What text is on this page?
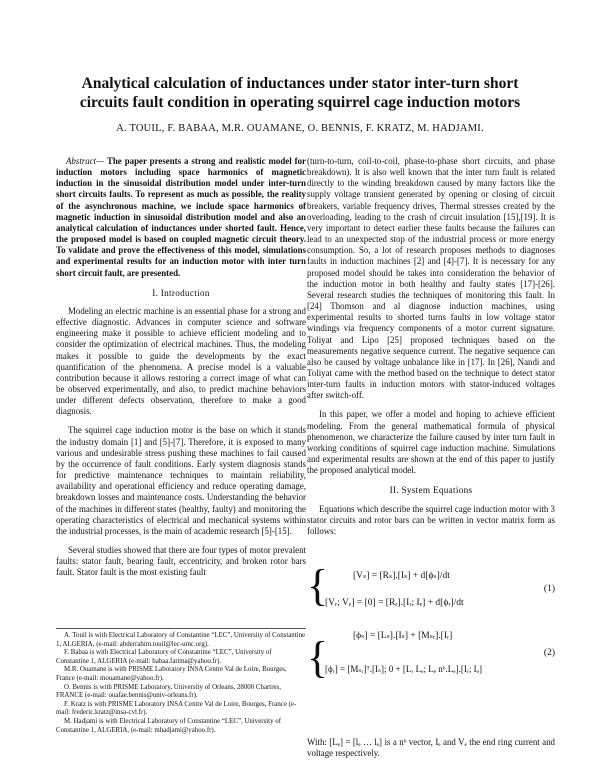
Analytical calculation of inductances under stator inter-turn short
circuits fault condition in operating squirrel cage induction motors
A. TOUIL, F. BABAA, M.R. OUAMANE, O. BENNIS, F. KRATZ, M. HADJAMI.

Abstract— The paper presents a strong and realistic model for induction motors including space harmonics of magnetic induction in the sinusoidal distribution model under inter-turn short circuits faults. To represent as much as possible, the reality of the asynchronous machine, we include space harmonics of magnetic induction in sinusoidal distribution model and also an analytical calculation of inductances under shorted fault. Hence, the proposed model is based on coupled magnetic circuit theory. To validate and prove the effectiveness of this model, simulations and experimental results for an induction motor with inter turn short circuit fault, are presented.

I. Introduction

Modeling an electric machine is an essential phase for a strong and effective diagnostic. Advances in computer science and software engineering make it possible to achieve efficient modeling and to consider the optimization of electrical machines. Thus, the modeling makes it possible to guide the developments by the exact quantification of the phenomena. A precise model is a valuable contribution because it allows restoring a correct image of what can be observed experimentally, and also, to predict machine behaviors under different defects observation, therefore to make a good diagnosis.

The squirrel cage induction motor is the base on which it stands the industry domain [1] and [5]-[7]. Therefore, it is exposed to many various and undesirable stress pushing these machines to fail caused by the occurrence of fault conditions. Early system diagnosis stands for predictive maintenance techniques to maintain reliability, availability and operational efficiency and reduce operating damage, breakdown losses and maintenance costs. Understanding the behavior of the machines in different states (healthy, faulty) and monitoring the operating characteristics of electrical and mechanical systems within the industrial processes, is the main of academic research [5]-[15].

Several studies showed that there are four types of motor prevalent faults: stator fault, bearing fault, eccentricity, and broken rotor bars fault. Stator fault is the most existing fault

A. Touil is with Electrical Laboratory of Constantine “LEC”, University of Constantine 1, ALGERIA, (e-mail: abderrahim.touil@lec-umc.org).

F. Babaa is with Electrical Laboratory of Constantine “LEC”, University of Constantine 1, ALGERIA (e-mail: babaa.fatima@yahoo.fr).

M.R. Ouamane is with PRISME Laboratory INSA Centre Val de Loire, Bourges, France (e-mail: mouamane@yahoo.fr).

O. Bennis is with PRISME Laboratory, University of Orleans, 28000 Chartres, FRANCE (e-mail: ouafae.bennis@univ-orleans.fr).

F. Kratz is with PRISME Laboratory INSA Centre Val de Loire, Bourges, France (e-mail: frederic.kratz@insa-cvl.fr).

M. Hadjami is with Electrical Laboratory of Constantine “LEC”, University of Constantine 1, ALGERIA, (e-mail: mhadjami@yahoo.fr).

(turn-to-turn, coil-to-coil, phase-to-phase short circuits, and phase breakdown). It is also well known that the inter turn fault is related directly to the winding breakdown caused by many factors like the supply voltage transient generated by opening or closing of circuit breakers, variable frequency drives, Thermal stresses created by the overloading, leading to the crash of circuit insulation [15],[19]. It is very important to detect earlier these faults because the failures can lead to an unexpected stop of the industrial process or more energy consumption. So, a lot of research proposes methods to diagnoses faults in induction machines [2] and [4]-[7]. It is necessary for any proposed model should be takes into consideration the behavior of the induction motor in both healthy and faulty states [17]-[26]. Several research studies the techniques of monitoring this fault. In [24] Thomson and al diagnose induction machines, using experimental results to shorted turns faults in low voltage stator windings via frequency components of a motor current signature. Toliyat and Lipo [25] proposed techniques based on the measurements negative sequence current. The negative sequence can also be caused by voltage unbalance like in [17]. In [26], Nandi and Toliyat came with the method based on the technique to detect stator inter-turn faults in induction motors with stator-induced voltages after switch-off.

In this paper, we offer a model and hoping to achieve efficient modeling. From the general mathematical formula of physical phenomenon, we characterize the failure caused by inter turn fault in working conditions of squirrel cage induction machine. Simulations and experimental results are shown at the end of this paper to justify the proposed analytical model.

II. System Equations

Equations which describe the squirrel cage induction motor with 3 stator circuits and rotor bars can be written in vector matrix form as follows:

{	[Vₛ] = [Rₛ].[Iₛ] + d[ϕₛ]/dt
[Vᵣ; Vₑ] = [0] = [Rᵣ].[Iᵣ; Iₑ] + d[ϕᵣ]/dt
(1)
{	[ϕₛ] = [Lₛ].[Iₛ] + [Mₛᵣ].[Iᵣ]
[ϕᵣ] = [Mₛᵣ]ᵀ.[Iₛ]; 0 + [Lᵣ Lₑ; Lₑ nᵇ.Lₑ].[Iᵣ; Iₑ]
(2)
With: [Lₑ] = [lₑ … lₑ] is a nᵇ vector, Iₑ and Vₑ the end ring current and voltage respectively.
